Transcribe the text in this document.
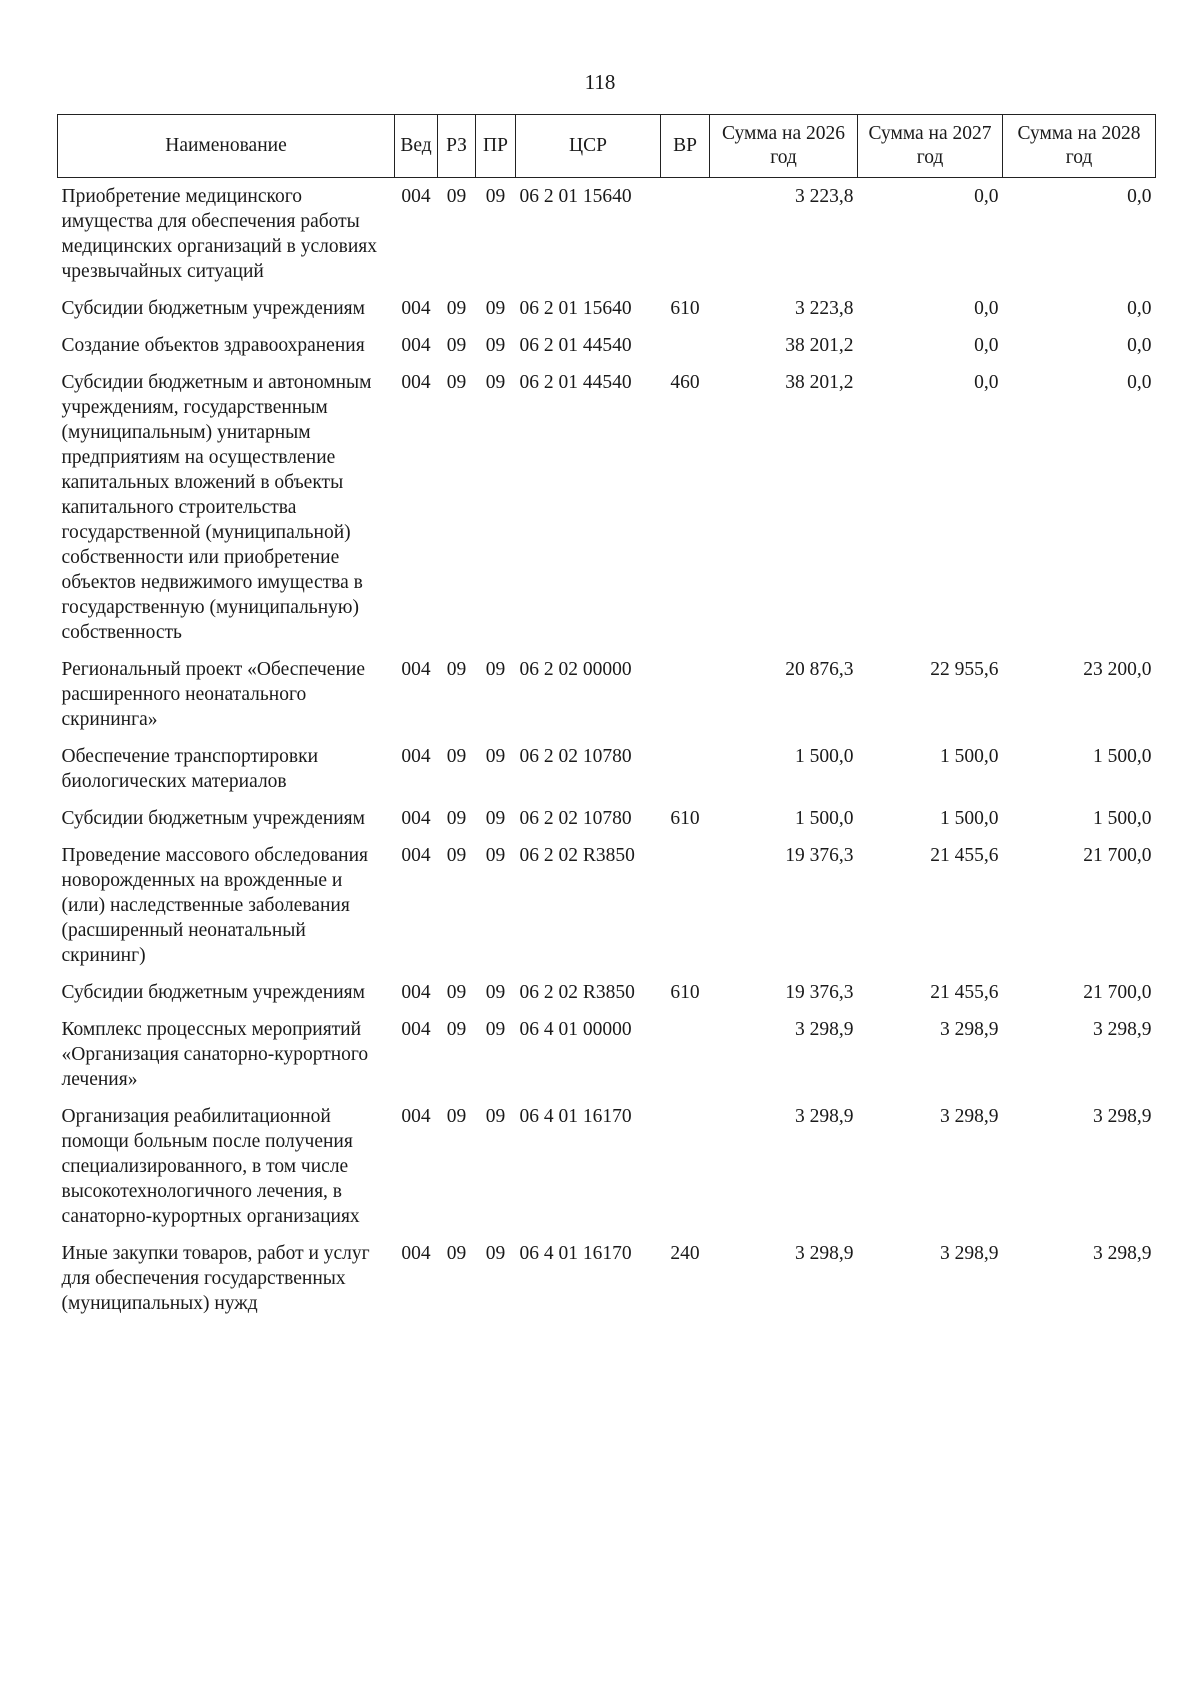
118
Наименование	Вед	РЗ	ПР	ЦСР	ВР	Сумма на 2026 год	Сумма на 2027 год	Сумма на 2028 год
Приобретение медицинского имущества для обеспечения работы медицинских организаций в условиях чрезвычайных ситуаций	004	09	09	06 2 01 15640		3 223,8	0,0	0,0
Субсидии бюджетным учреждениям	004	09	09	06 2 01 15640	610	3 223,8	0,0	0,0
Создание объектов здравоохранения	004	09	09	06 2 01 44540		38 201,2	0,0	0,0
Субсидии бюджетным и автономным учреждениям, государственным (муниципальным) унитарным предприятиям на осуществление капитальных вложений в объекты капитального строительства государственной (муниципальной) собственности или приобретение объектов недвижимого имущества в государственную (муниципальную) собственность	004	09	09	06 2 01 44540	460	38 201,2	0,0	0,0
Региональный проект «Обеспечение расширенного неонатального скрининга»	004	09	09	06 2 02 00000		20 876,3	22 955,6	23 200,0
Обеспечение транспортировки биологических материалов	004	09	09	06 2 02 10780		1 500,0	1 500,0	1 500,0
Субсидии бюджетным учреждениям	004	09	09	06 2 02 10780	610	1 500,0	1 500,0	1 500,0
Проведение массового обследования новорожденных на врожденные и (или) наследственные заболевания (расширенный неонатальный скрининг)	004	09	09	06 2 02 R3850		19 376,3	21 455,6	21 700,0
Субсидии бюджетным учреждениям	004	09	09	06 2 02 R3850	610	19 376,3	21 455,6	21 700,0
Комплекс процессных мероприятий «Организация санаторно-курортного лечения»	004	09	09	06 4 01 00000		3 298,9	3 298,9	3 298,9
Организация реабилитационной помощи больным после получения специализированного, в том числе высокотехнологичного лечения, в санаторно-курортных организациях	004	09	09	06 4 01 16170		3 298,9	3 298,9	3 298,9
Иные закупки товаров, работ и услуг для обеспечения государственных (муниципальных) нужд	004	09	09	06 4 01 16170	240	3 298,9	3 298,9	3 298,9
